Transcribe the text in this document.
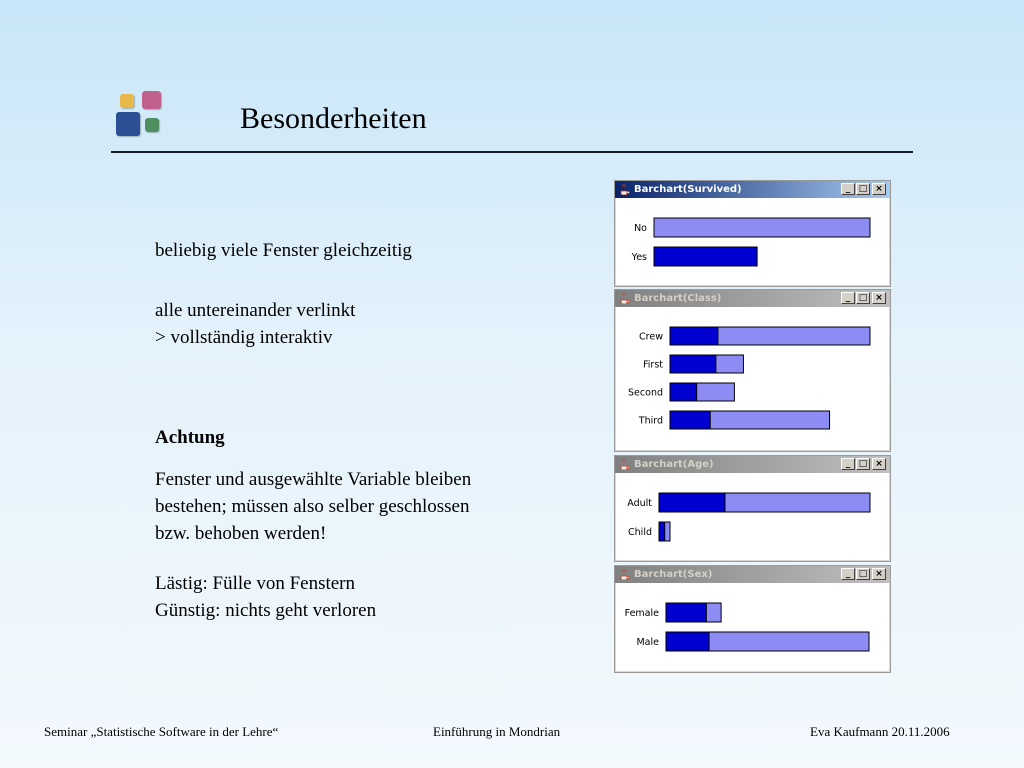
Besonderheiten
beliebig viele Fenster gleichzeitig
alle untereinander verlinkt
> vollständig interaktiv
Achtung
Fenster und ausgewählte Variable bleiben
bestehen; müssen also selber geschlossen
bzw. behoben werden!
Lästig: Fülle von Fenstern
Günstig: nichts geht verloren
Barchart(Survived)	_ □ ×
No
Yes
Barchart(Class)	_ □ ×
Crew
First
Second
Third
Barchart(Age)	_ □ ×
Adult
Child
Barchart(Sex)	_ □ ×
Female
Male
Seminar „Statistische Software in der Lehre“	Einführung in Mondrian	Eva Kaufmann 20.11.2006
